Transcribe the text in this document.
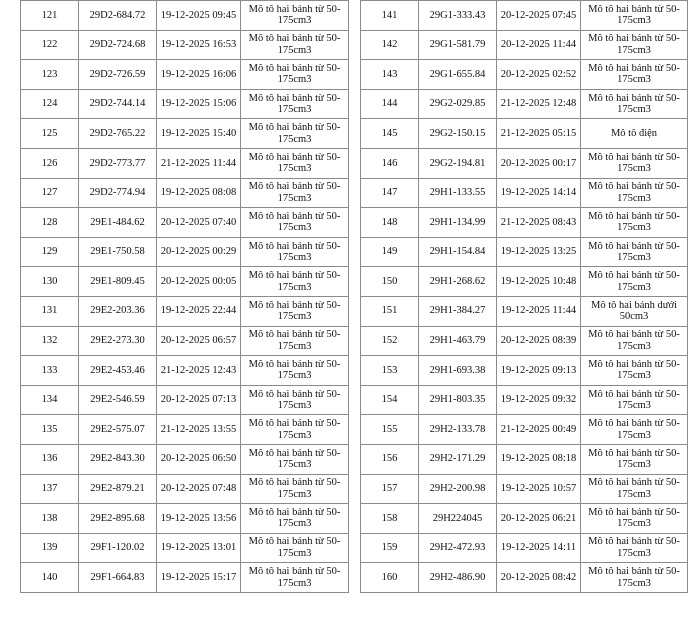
121	29D2-684.72	19-12-2025 09:45	Mô tô hai bánh từ 50-175cm3
122	29D2-724.68	19-12-2025 16:53	Mô tô hai bánh từ 50-175cm3
123	29D2-726.59	19-12-2025 16:06	Mô tô hai bánh từ 50-175cm3
124	29D2-744.14	19-12-2025 15:06	Mô tô hai bánh từ 50-175cm3
125	29D2-765.22	19-12-2025 15:40	Mô tô hai bánh từ 50-175cm3
126	29D2-773.77	21-12-2025 11:44	Mô tô hai bánh từ 50-175cm3
127	29D2-774.94	19-12-2025 08:08	Mô tô hai bánh từ 50-175cm3
128	29E1-484.62	20-12-2025 07:40	Mô tô hai bánh từ 50-175cm3
129	29E1-750.58	20-12-2025 00:29	Mô tô hai bánh từ 50-175cm3
130	29E1-809.45	20-12-2025 00:05	Mô tô hai bánh từ 50-175cm3
131	29E2-203.36	19-12-2025 22:44	Mô tô hai bánh từ 50-175cm3
132	29E2-273.30	20-12-2025 06:57	Mô tô hai bánh từ 50-175cm3
133	29E2-453.46	21-12-2025 12:43	Mô tô hai bánh từ 50-175cm3
134	29E2-546.59	20-12-2025 07:13	Mô tô hai bánh từ 50-175cm3
135	29E2-575.07	21-12-2025 13:55	Mô tô hai bánh từ 50-175cm3
136	29E2-843.30	20-12-2025 06:50	Mô tô hai bánh từ 50-175cm3
137	29E2-879.21	20-12-2025 07:48	Mô tô hai bánh từ 50-175cm3
138	29E2-895.68	19-12-2025 13:56	Mô tô hai bánh từ 50-175cm3
139	29F1-120.02	19-12-2025 13:01	Mô tô hai bánh từ 50-175cm3
140	29F1-664.83	19-12-2025 15:17	Mô tô hai bánh từ 50-175cm3
141	29G1-333.43	20-12-2025 07:45	Mô tô hai bánh từ 50-175cm3
142	29G1-581.79	20-12-2025 11:44	Mô tô hai bánh từ 50-175cm3
143	29G1-655.84	20-12-2025 02:52	Mô tô hai bánh từ 50-175cm3
144	29G2-029.85	21-12-2025 12:48	Mô tô hai bánh từ 50-175cm3
145	29G2-150.15	21-12-2025 05:15	Mô tô điện
146	29G2-194.81	20-12-2025 00:17	Mô tô hai bánh từ 50-175cm3
147	29H1-133.55	19-12-2025 14:14	Mô tô hai bánh từ 50-175cm3
148	29H1-134.99	21-12-2025 08:43	Mô tô hai bánh từ 50-175cm3
149	29H1-154.84	19-12-2025 13:25	Mô tô hai bánh từ 50-175cm3
150	29H1-268.62	19-12-2025 10:48	Mô tô hai bánh từ 50-175cm3
151	29H1-384.27	19-12-2025 11:44	Mô tô hai bánh dưới 50cm3
152	29H1-463.79	20-12-2025 08:39	Mô tô hai bánh từ 50-175cm3
153	29H1-693.38	19-12-2025 09:13	Mô tô hai bánh từ 50-175cm3
154	29H1-803.35	19-12-2025 09:32	Mô tô hai bánh từ 50-175cm3
155	29H2-133.78	21-12-2025 00:49	Mô tô hai bánh từ 50-175cm3
156	29H2-171.29	19-12-2025 08:18	Mô tô hai bánh từ 50-175cm3
157	29H2-200.98	19-12-2025 10:57	Mô tô hai bánh từ 50-175cm3
158	29H224045	20-12-2025 06:21	Mô tô hai bánh từ 50-175cm3
159	29H2-472.93	19-12-2025 14:11	Mô tô hai bánh từ 50-175cm3
160	29H2-486.90	20-12-2025 08:42	Mô tô hai bánh từ 50-175cm3
